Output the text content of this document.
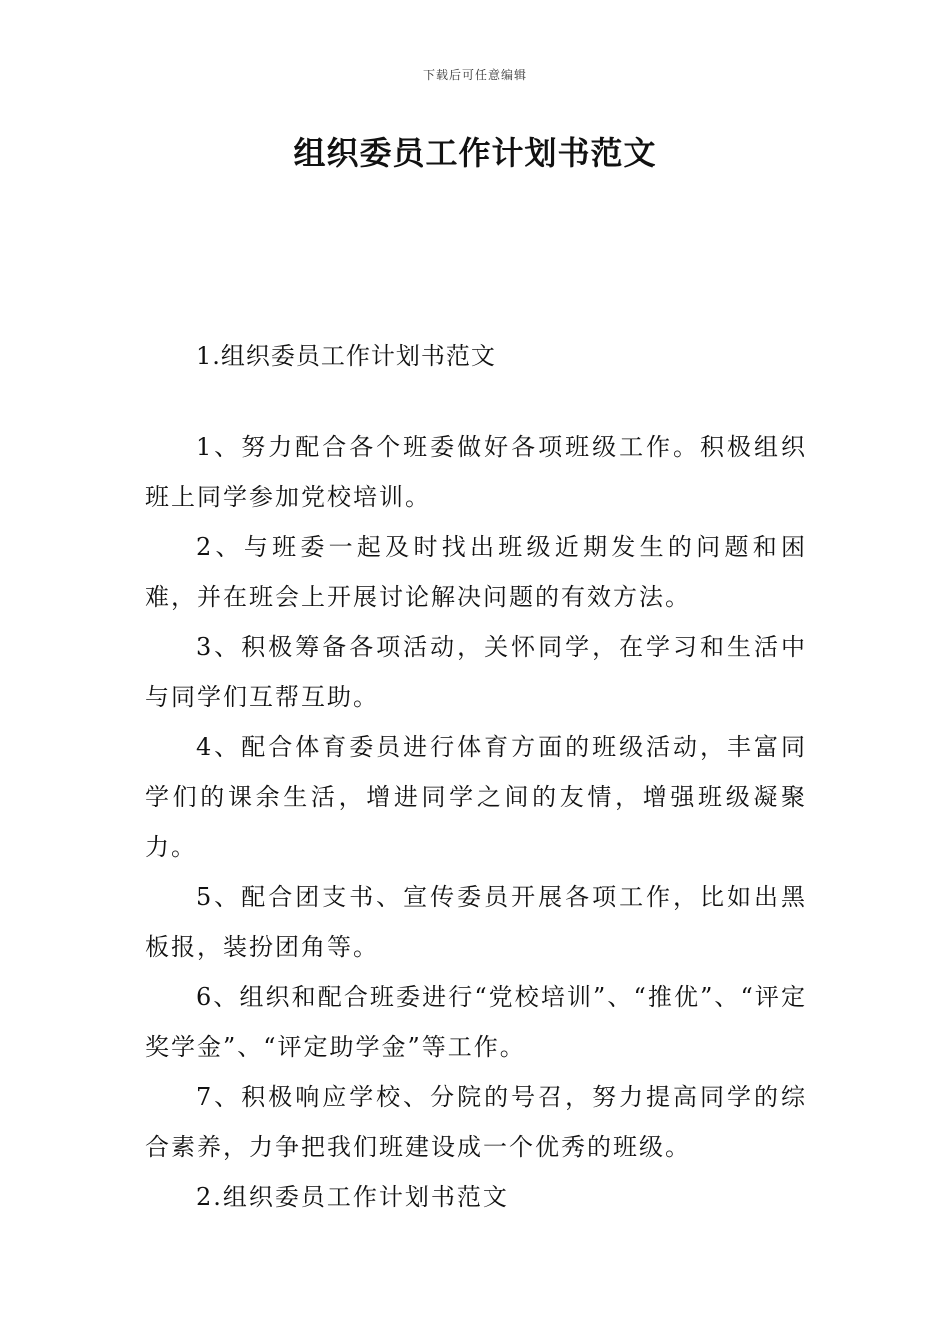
下载后可任意编辑
组织委员工作计划书范文
1.组织委员工作计划书范文

1、努力配合各个班委做好各项班级工作。积极组织班上同学参加党校培训。

2、与班委一起及时找出班级近期发生的问题和困难，并在班会上开展讨论解决问题的有效方法。

3、积极筹备各项活动，关怀同学，在学习和生活中与同学们互帮互助。

4、配合体育委员进行体育方面的班级活动，丰富同学们的课余生活，增进同学之间的友情，增强班级凝聚力。

5、配合团支书、宣传委员开展各项工作，比如出黑板报，装扮团角等。

6、组织和配合班委进行“党校培训”、“推优”、“评定奖学金”、“评定助学金”等工作。

7、积极响应学校、分院的号召，努力提高同学的综合素养，力争把我们班建设成一个优秀的班级。

2.组织委员工作计划书范文
